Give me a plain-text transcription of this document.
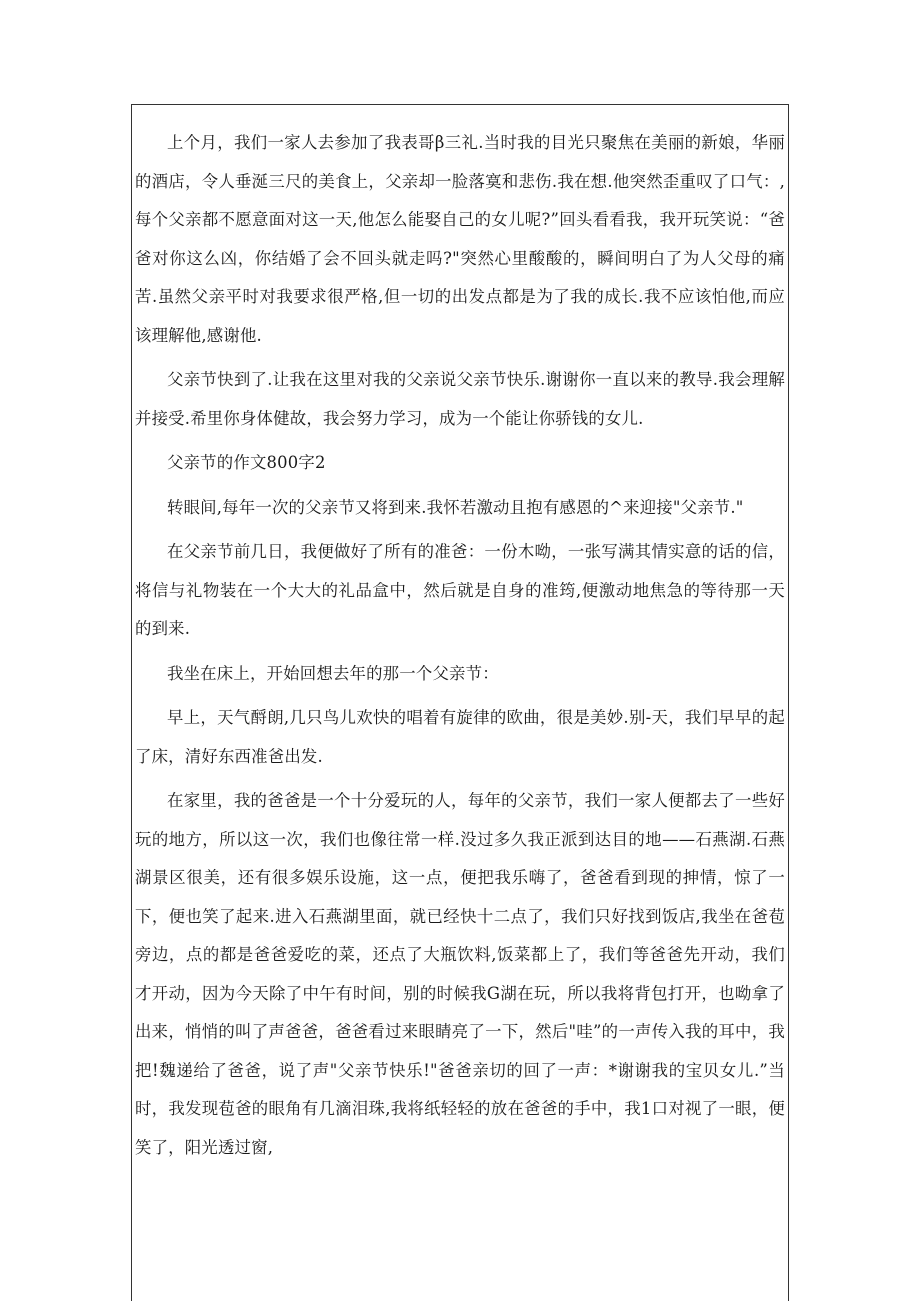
上个月，我们一家人去参加了我表哥β三礼.当时我的目光只聚焦在美丽的新娘，华丽的酒店，令人垂涎三尺的美食上，父亲却一脸落寞和悲伤.我在想.他突然歪重叹了口气：,每个父亲都不愿意面对这一天,他怎么能娶自己的女儿呢?”回头看看我，我开玩笑说：“爸爸对你这么凶，你结婚了会不回头就走吗?"突然心里酸酸的，瞬间明白了为人父母的痛苦.虽然父亲平时对我要求很严格,但一切的出发点都是为了我的成长.我不应该怕他,而应该理解他,感谢他.

父亲节快到了.让我在这里对我的父亲说父亲节快乐.谢谢你一直以来的教导.我会理解并接受.希里你身体健故，我会努力学习，成为一个能让你骄钱的女儿.

父亲节的作文800字2

转眼间,每年一次的父亲节又将到来.我怀若激动且抱有感恩的^来迎接"父亲节."

在父亲节前几日，我便做好了所有的准爸：一份木呦，一张写满其情实意的话的信，将信与礼物装在一个大大的礼品盒中，然后就是自身的准筠,便激动地焦急的等待那一天的到来.

我坐在床上，开始回想去年的那一个父亲节：

早上，天气酹朗,几只鸟儿欢快的唱着有旋律的欧曲，很是美妙.别-天，我们早早的起了床，清好东西准爸出发.

在家里，我的爸爸是一个十分爱玩的人，每年的父亲节，我们一家人便都去了一些好玩的地方，所以这一次，我们也像往常一样.没过多久我正派到达目的地——石燕湖.石燕湖景区很美，还有很多娱乐设施，这一点，便把我乐嗨了，爸爸看到现的抻情，惊了一下，便也笑了起来.进入石燕湖里面，就已经快十二点了，我们只好找到饭店,我坐在爸苞旁边，点的都是爸爸爱吃的菜，还点了大瓶饮料,饭菜都上了，我们等爸爸先开动，我们才开动，因为今天除了中午有时间，别的时候我G湖在玩，所以我将背包打开，也呦拿了出来，悄悄的叫了声爸爸，爸爸看过来眼睛亮了一下，然后"哇”的一声传入我的耳中，我把!魏递给了爸爸，说了声"父亲节快乐!"爸爸亲切的回了一声：*谢谢我的宝贝女儿.”当时，我发现苞爸的眼角有几滴泪珠,我将纸轻轻的放在爸爸的手中，我1口对视了一眼，便笑了，阳光透过窗,
